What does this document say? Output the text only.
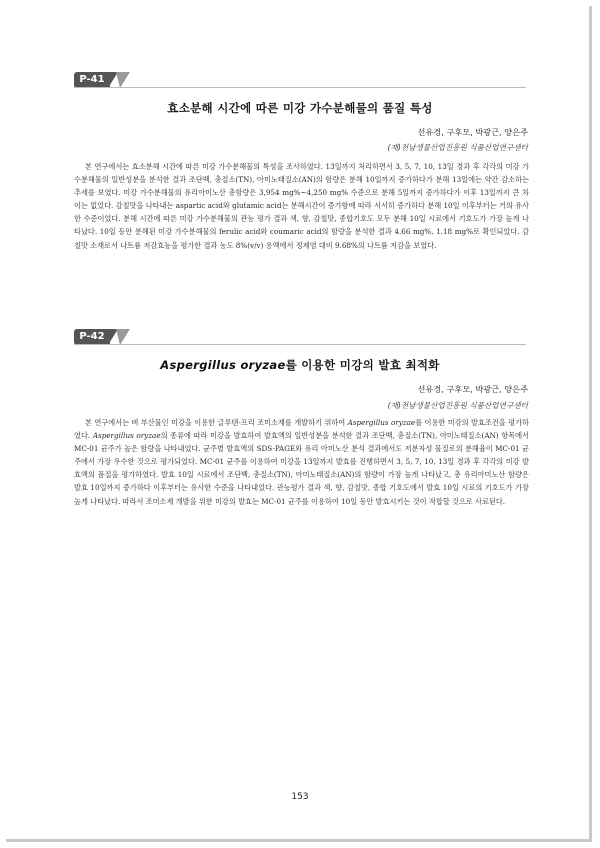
P-41
효소분해 시간에 따른 미강 가수분해물의 품질 특성
선유경, 구후모, 박광근, 양은주
(재)전남생물산업진흥원 식품산업연구센터
본 연구에서는 효소분해 시간에 따른 미강 가수분해물의 특성을 조사하였다. 13일까지 처리하면서 3, 5, 7, 10, 13일 경과 후 각각의 미강 가수분해물의 일반성분을 분석한 결과 조단백, 총질소(TN), 아미노태질소(AN)의 함량은 분해 10일까지 증가하다가 분해 13일에는 약간 감소하는 추세를 보였다. 미강 가수분해물의 유리아미노산 총함량은 3,954 mg%~4,250 mg% 수준으로 분해 5일까지 증가하다가 이후 13일까지 큰 차이는 없었다. 감칠맛을 나타내는 aspartic acid와 glutamic acid는 분해시간이 증가함에 따라 서서히 증가하다 분해 10일 이후부터는 거의 유사한 수준이었다. 분해 시간에 따른 미강 가수분해물의 관능 평가 결과 색, 향, 감칠맛, 종합기호도 모두 분해 10일 시료에서 기호도가 가장 높게 나타났다. 10일 동안 분해된 미강 가수분해물의 ferulic acid와 coumaric acid의 함량을 분석한 결과 4.66 mg%, 1.18 mg%로 확인되었다. 감칠맛 소재로서 나트륨 저감효능을 평가한 결과 농도 8%(v/v) 용액에서 정제염 대비 9.68%의 나트륨 저감을 보였다.
P-42
Aspergillus oryzae를 이용한 미강의 발효 최적화
선유경, 구후모, 박광근, 양은주
(재)전남생물산업진흥원 식품산업연구센터
본 연구에서는 벼 부산물인 미강을 이용한 글루텐-프리 조미소재를 개발하기 위하여 Aspergillus oryzae를 이용한 미강의 발효조건을 평가하였다. Aspergillus oryzae의 종류에 따라 미강을 발효하여 발효액의 일반성분을 분석한 결과 조단백, 총질소(TN), 아미노태질소(AN) 항목에서 MC-01 균주가 높은 함량을 나타내었다. 균주별 발효액의 SDS-PAGE와 유리 아미노산 분석 결과에서도 저분자성 물질로의 분해율이 MC-01 균주에서 가장 우수한 것으로 평가되었다. MC-01 균주를 이용하여 미강을 13일까지 발효를 진행하면서 3, 5, 7, 10, 13일 경과 후 각각의 미강 발효액의 품질을 평가하였다. 발효 10일 시료에서 조단백, 총질소(TN), 아미노태질소(AN)의 함량이 가장 높게 나타났고, 총 유리아미노산 함량은 발효 10일까지 증가하다 이후부터는 유사한 수준을 나타내었다. 관능평가 결과 색, 향, 감칠맛, 종합 기호도에서 발효 10일 시료의 기호도가 가장 높게 나타났다. 따라서 조미소재 개발을 위한 미강의 발효는 MC-01 균주를 이용하여 10일 동안 발효시키는 것이 적합할 것으로 사료된다.
153
